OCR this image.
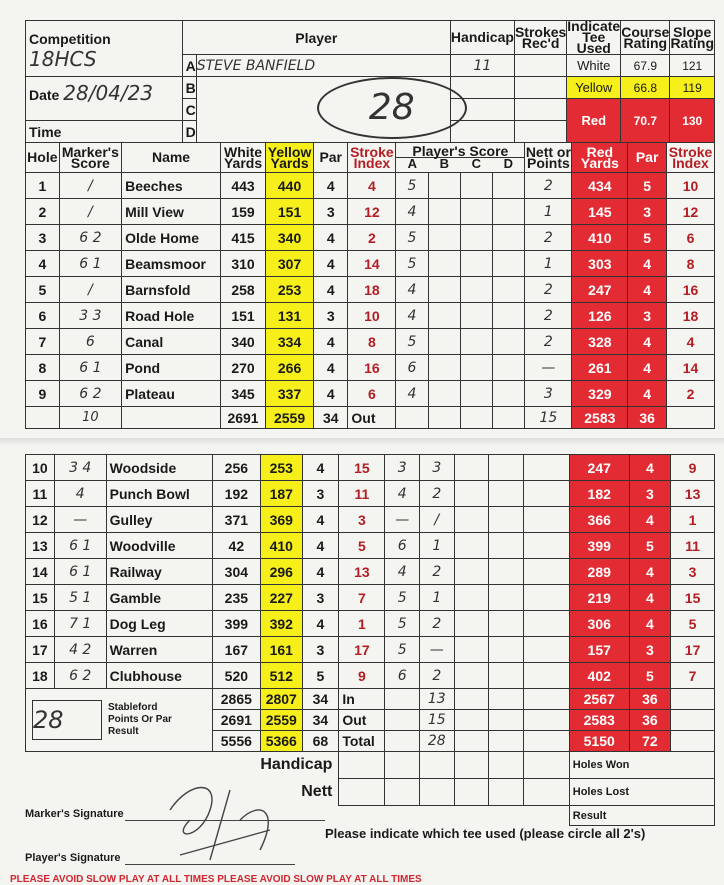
Competition
18HCS	Player		Handicap	Strokes Rec'd	Indicate Tee Used	Course Rating	Slope Rating
	A	STEVE BANFIELD	11		White	67.9	121
Date 28/04/23	B	28			Yellow	66.8	119
	C				Red	70.7	130
Time	D						
Hole	Marker's Score	Name	White Yards	Yellow Yards	Par	Stroke Index	Player's Score
A B C D				Nett or Points	Red Yards	Par	Stroke Index
1	/	Beeches	443	440	4	4	5				2	434	5	10
2	/	Mill View	159	151	3	12	4				1	145	3	12
3	6 2	Olde Home	415	340	4	2	5				2	410	5	6
4	6 1	Beamsmoor	310	307	4	14	5				1	303	4	8
5	/	Barnsfold	258	253	4	18	4				2	247	4	16
6	3 3	Road Hole	151	131	3	10	4				2	126	3	18
7	6	Canal	340	334	4	8	5				2	328	4	4
8	6 1	Pond	270	266	4	16	6				—	261	4	14
9	6 2	Plateau	345	337	4	6	4				3	329	4	2
	10		2691	2559	34	Out					15	2583	36	
10	3 4	Woodside	256	253	4	15	3	3				247	4	9
11	4	Punch Bowl	192	187	3	11	4	2				182	3	13
12	—	Gulley	371	369	4	3	—	/				366	4	1
13	6 1	Woodville	42	410	4	5	6	1				399	5	11
14	6 1	Railway	304	296	4	13	4	2				289	4	3
15	5 1	Gamble	235	227	3	7	5	1				219	4	15
16	7 1	Dog Leg	399	392	4	1	5	2				306	4	5
17	4 2	Warren	167	161	3	17	5	—				157	3	17
18	6 2	Clubhouse	520	512	5	9	6	2				402	5	7

28 Stableford Points Or Par Result			2865	2807	34	In		13				2567	36	
			2691	2559	34	Out		15				2583	36	
			5556	5366	68	Total		28				5150	72	
Handicap												Holes Won		
Nett												Holes Lost		
												Result		
Marker's Signature
Player's Signature
Please indicate which tee used (please circle all 2's)
PLEASE AVOID SLOW PLAY AT ALL TIMES PLEASE AVOID SLOW PLAY AT ALL TIMES
